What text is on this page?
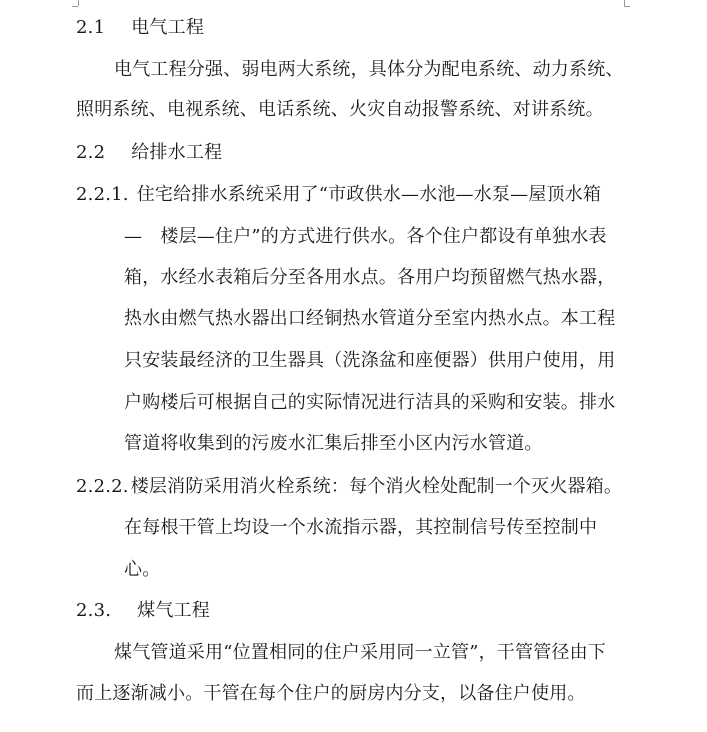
2.1 电气工程
电气工程分强、弱电两大系统，具体分为配电系统、动力系统、
照明系统、电视系统、电话系统、火灾自动报警系统、对讲系统。
2.2 给排水工程
2.2.1. 住宅给排水系统采用了“市政供水—水池—水泵—屋顶水箱
—　楼层—住户”的方式进行供水。各个住户都设有单独水表
箱，水经水表箱后分至各用水点。各用户均预留燃气热水器，
热水由燃气热水器出口经铜热水管道分至室内热水点。本工程
只安装最经济的卫生器具（洗涤盆和座便器）供用户使用，用
户购楼后可根据自己的实际情况进行洁具的采购和安装。排水
管道将收集到的污废水汇集后排至小区内污水管道。
2.2.2. 楼层消防采用消火栓系统：每个消火栓处配制一个灭火器箱。
在每根干管上均设一个水流指示器，其控制信号传至控制中
心。
2.3. 煤气工程
煤气管道采用“位置相同的住户采用同一立管”，干管管径由下
而上逐渐减小。干管在每个住户的厨房内分支，以备住户使用。
